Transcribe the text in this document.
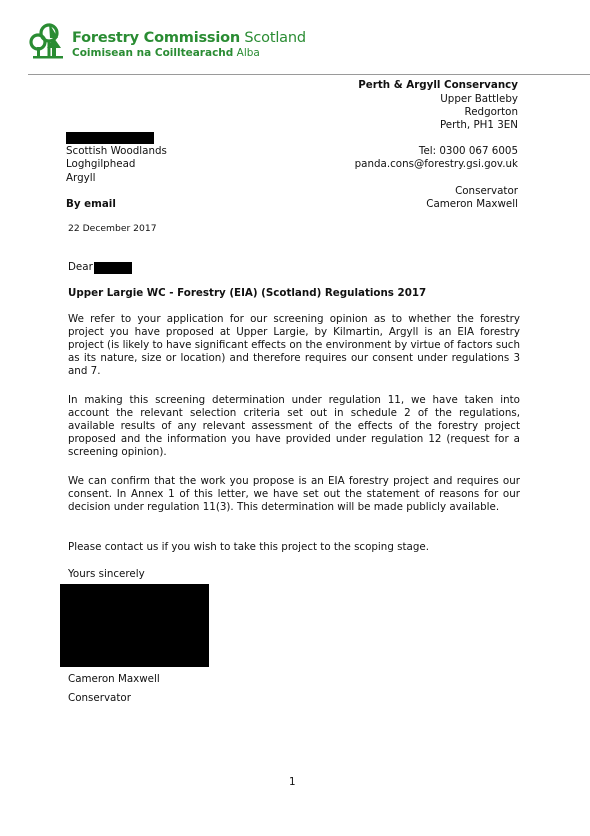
Forestry Commission Scotland
Coimisean na Coilltearachd Alba
Perth & Argyll Conservancy
Upper Battleby
Redgorton
Perth, PH1 3EN
Scottish Woodlands
Loghgilphead
Argyll
By email
Tel: 0300 067 6005
panda.cons@forestry.gsi.gov.uk
Conservator
Cameron Maxwell
22 December 2017
Dear
Upper Largie WC - Forestry (EIA) (Scotland) Regulations 2017

We refer to your application for our screening opinion as to whether the forestry project you have proposed at Upper Largie, by Kilmartin, Argyll is an EIA forestry project (is likely to have significant effects on the environment by virtue of factors such as its nature, size or location) and therefore requires our consent under regulations 3 and 7.

In making this screening determination under regulation 11, we have taken into account the relevant selection criteria set out in schedule 2 of the regulations, available results of any relevant assessment of the effects of the forestry project proposed and the information you have provided under regulation 12 (request for a screening opinion).

We can confirm that the work you propose is an EIA forestry project and requires our consent. In Annex 1 of this letter, we have set out the statement of reasons for our decision under regulation 11(3). This determination will be made publicly available.

Please contact us if you wish to take this project to the scoping stage.

Yours sincerely
Cameron Maxwell
Conservator
1
